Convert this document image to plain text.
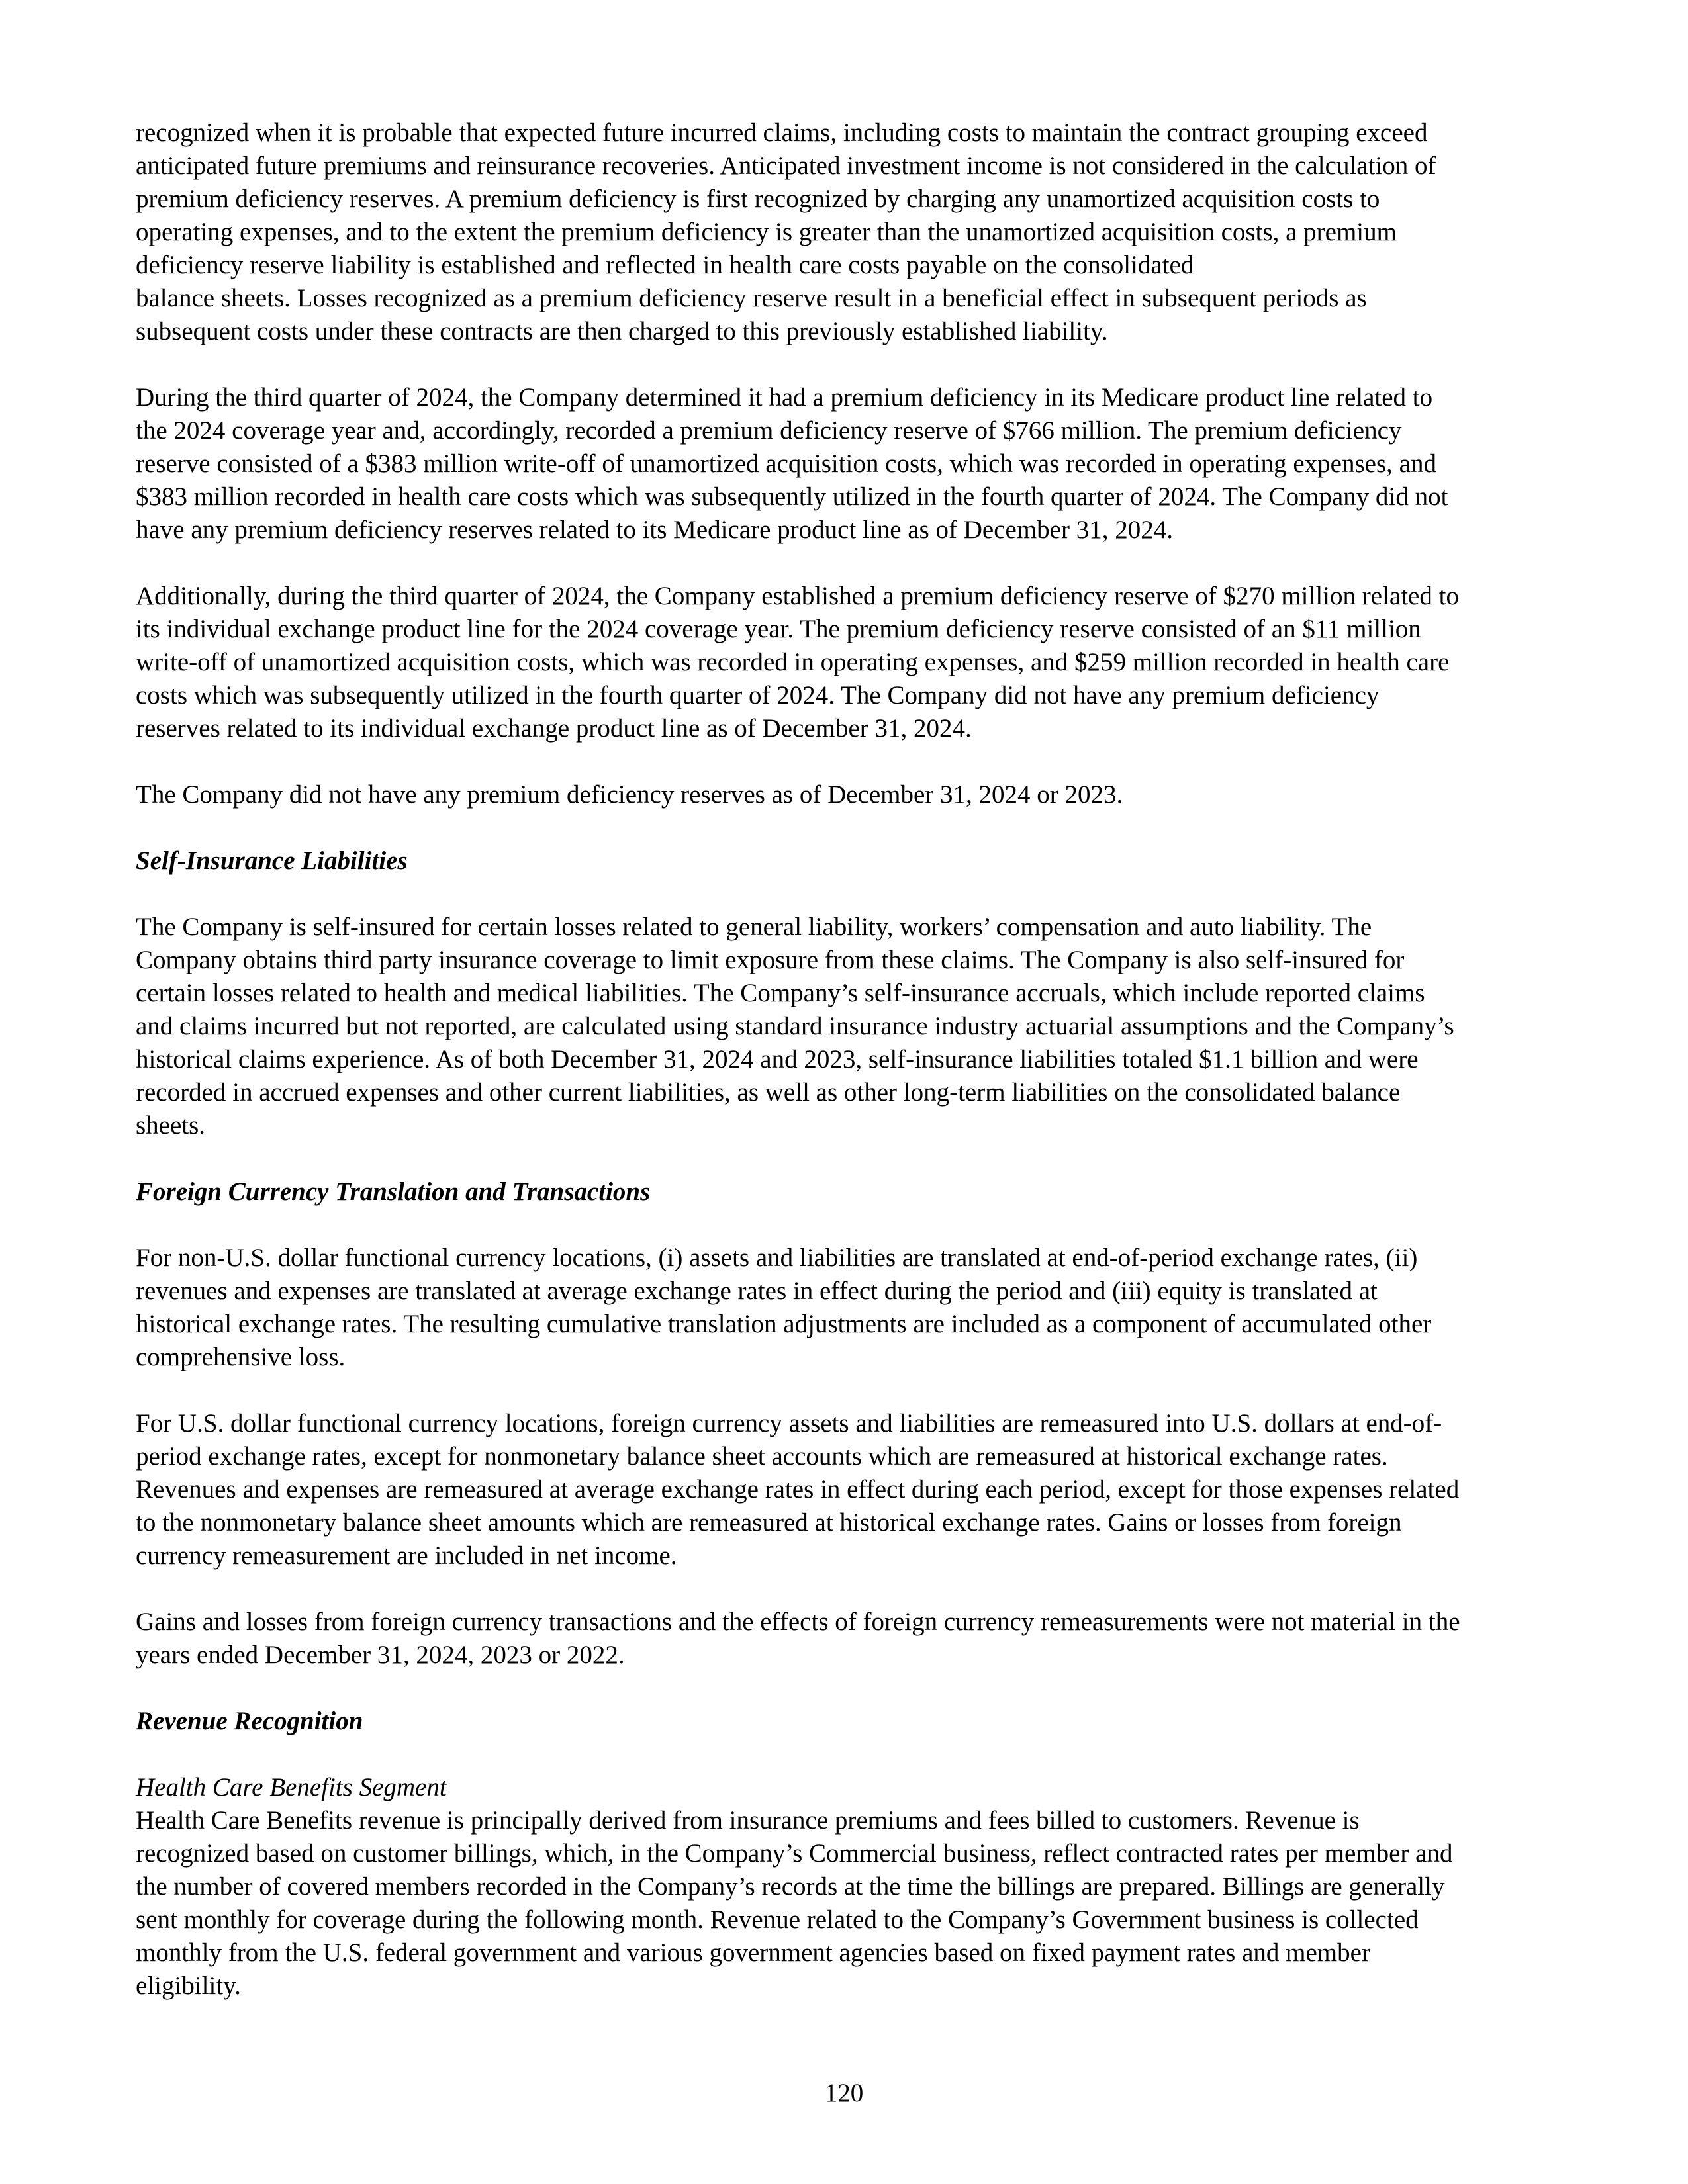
recognized when it is probable that expected future incurred claims, including costs to maintain the contract grouping exceed
anticipated future premiums and reinsurance recoveries. Anticipated investment income is not considered in the calculation of
premium deficiency reserves. A premium deficiency is first recognized by charging any unamortized acquisition costs to
operating expenses, and to the extent the premium deficiency is greater than the unamortized acquisition costs, a premium
deficiency reserve liability is established and reflected in health care costs payable on the consolidated
balance sheets. Losses recognized as a premium deficiency reserve result in a beneficial effect in subsequent periods as
subsequent costs under these contracts are then charged to this previously established liability.

During the third quarter of 2024, the Company determined it had a premium deficiency in its Medicare product line related to
the 2024 coverage year and, accordingly, recorded a premium deficiency reserve of $766 million. The premium deficiency
reserve consisted of a $383 million write-off of unamortized acquisition costs, which was recorded in operating expenses, and
$383 million recorded in health care costs which was subsequently utilized in the fourth quarter of 2024. The Company did not
have any premium deficiency reserves related to its Medicare product line as of December 31, 2024.

Additionally, during the third quarter of 2024, the Company established a premium deficiency reserve of $270 million related to
its individual exchange product line for the 2024 coverage year. The premium deficiency reserve consisted of an $11 million
write-off of unamortized acquisition costs, which was recorded in operating expenses, and $259 million recorded in health care
costs which was subsequently utilized in the fourth quarter of 2024. The Company did not have any premium deficiency
reserves related to its individual exchange product line as of December 31, 2024.

The Company did not have any premium deficiency reserves as of December 31, 2024 or 2023.

Self-Insurance Liabilities

The Company is self-insured for certain losses related to general liability, workers’ compensation and auto liability. The
Company obtains third party insurance coverage to limit exposure from these claims. The Company is also self-insured for
certain losses related to health and medical liabilities. The Company’s self-insurance accruals, which include reported claims
and claims incurred but not reported, are calculated using standard insurance industry actuarial assumptions and the Company’s
historical claims experience. As of both December 31, 2024 and 2023, self-insurance liabilities totaled $1.1 billion and were
recorded in accrued expenses and other current liabilities, as well as other long-term liabilities on the consolidated balance
sheets.

Foreign Currency Translation and Transactions

For non-U.S. dollar functional currency locations, (i) assets and liabilities are translated at end-of-period exchange rates, (ii)
revenues and expenses are translated at average exchange rates in effect during the period and (iii) equity is translated at
historical exchange rates. The resulting cumulative translation adjustments are included as a component of accumulated other
comprehensive loss.

For U.S. dollar functional currency locations, foreign currency assets and liabilities are remeasured into U.S. dollars at end-of-
period exchange rates, except for nonmonetary balance sheet accounts which are remeasured at historical exchange rates.
Revenues and expenses are remeasured at average exchange rates in effect during each period, except for those expenses related
to the nonmonetary balance sheet amounts which are remeasured at historical exchange rates. Gains or losses from foreign
currency remeasurement are included in net income.

Gains and losses from foreign currency transactions and the effects of foreign currency remeasurements were not material in the
years ended December 31, 2024, 2023 or 2022.

Revenue Recognition

Health Care Benefits Segment

Health Care Benefits revenue is principally derived from insurance premiums and fees billed to customers. Revenue is
recognized based on customer billings, which, in the Company’s Commercial business, reflect contracted rates per member and
the number of covered members recorded in the Company’s records at the time the billings are prepared. Billings are generally
sent monthly for coverage during the following month. Revenue related to the Company’s Government business is collected
monthly from the U.S. federal government and various government agencies based on fixed payment rates and member
eligibility.

120
